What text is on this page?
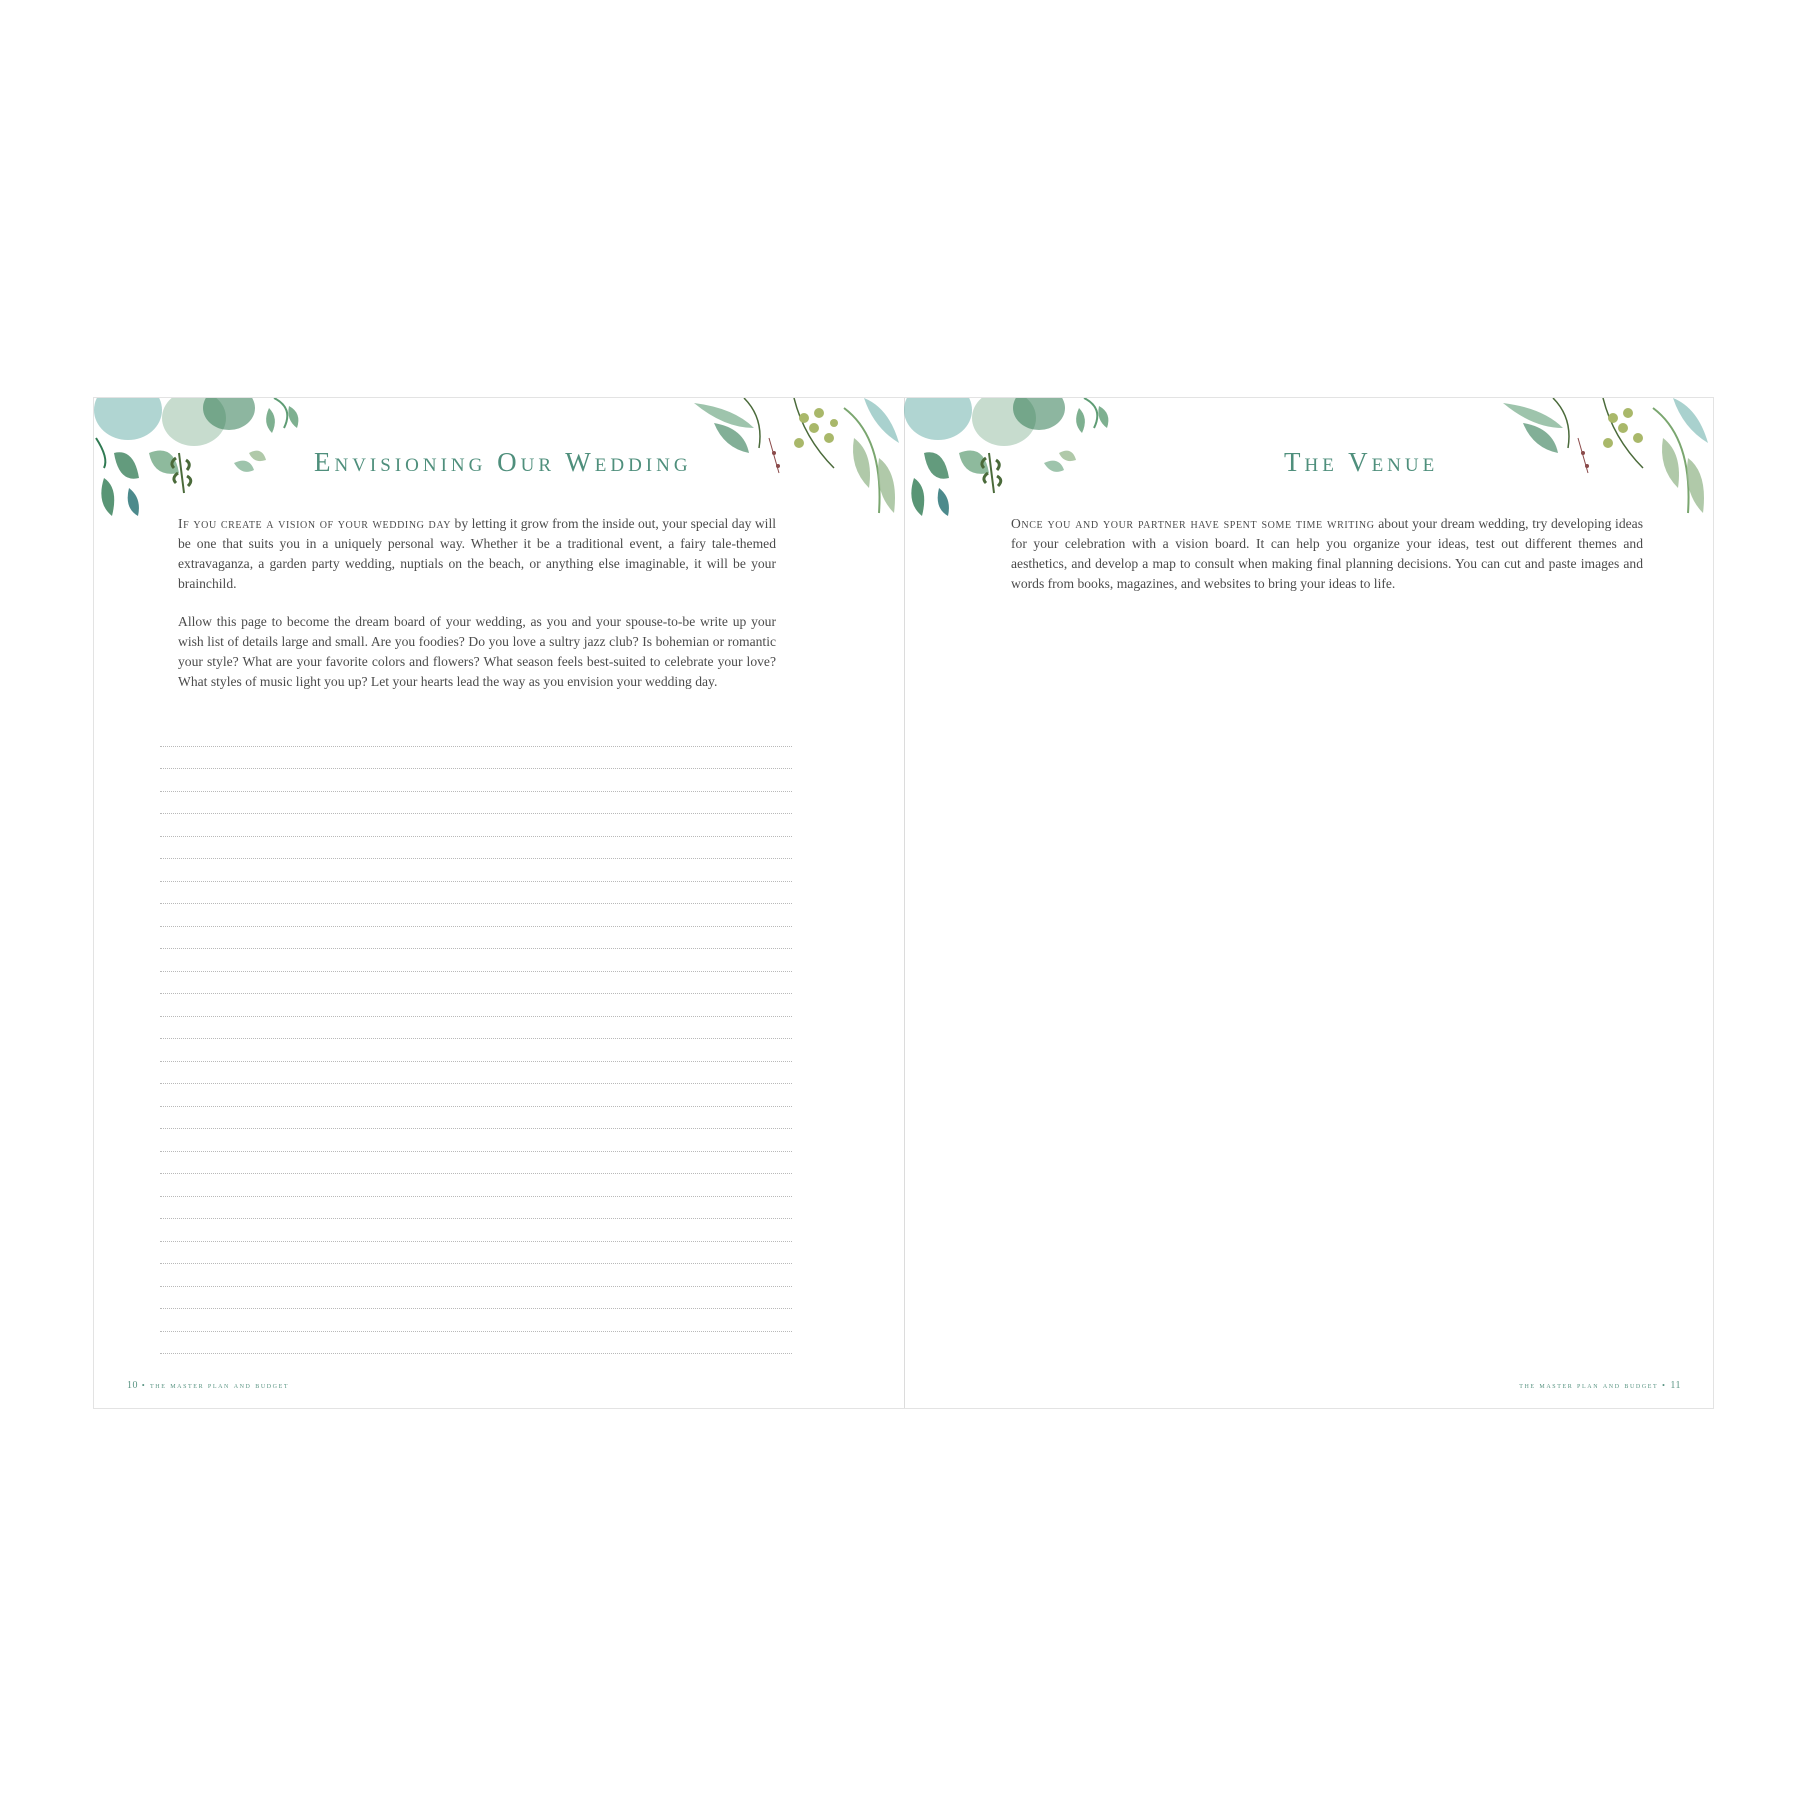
Envisioning Our Wedding

If you create a vision of your wedding day by letting it grow from the inside out, your special day will be one that suits you in a uniquely personal way. Whether it be a traditional event, a fairy tale-themed extravaganza, a garden party wedding, nuptials on the beach, or anything else imaginable, it will be your brainchild.

Allow this page to become the dream board of your wedding, as you and your spouse-to-be write up your wish list of details large and small. Are you foodies? Do you love a sultry jazz club? Is bohemian or romantic your style? What are your favorite colors and flowers? What season feels best-suited to celebrate your love? What styles of music light you up? Let your hearts lead the way as you envision your wedding day.

10 • the master plan and budget
The Venue

Once you and your partner have spent some time writing about your dream wedding, try developing ideas for your celebration with a vision board. It can help you organize your ideas, test out different themes and aesthetics, and develop a map to consult when making final planning decisions. You can cut and paste images and words from books, magazines, and websites to bring your ideas to life.

the master plan and budget • 11
